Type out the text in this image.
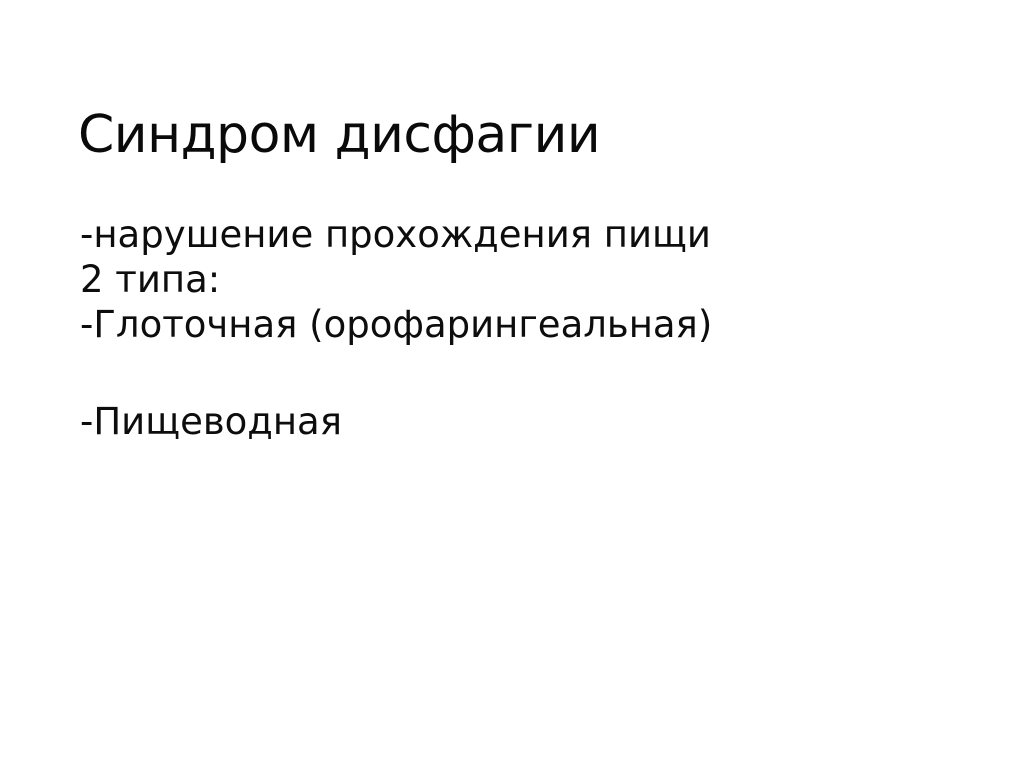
Синдром дисфагии
-нарушение прохождения пищи
2 типа:
-Глоточная (орофарингеальная)
-Пищеводная
